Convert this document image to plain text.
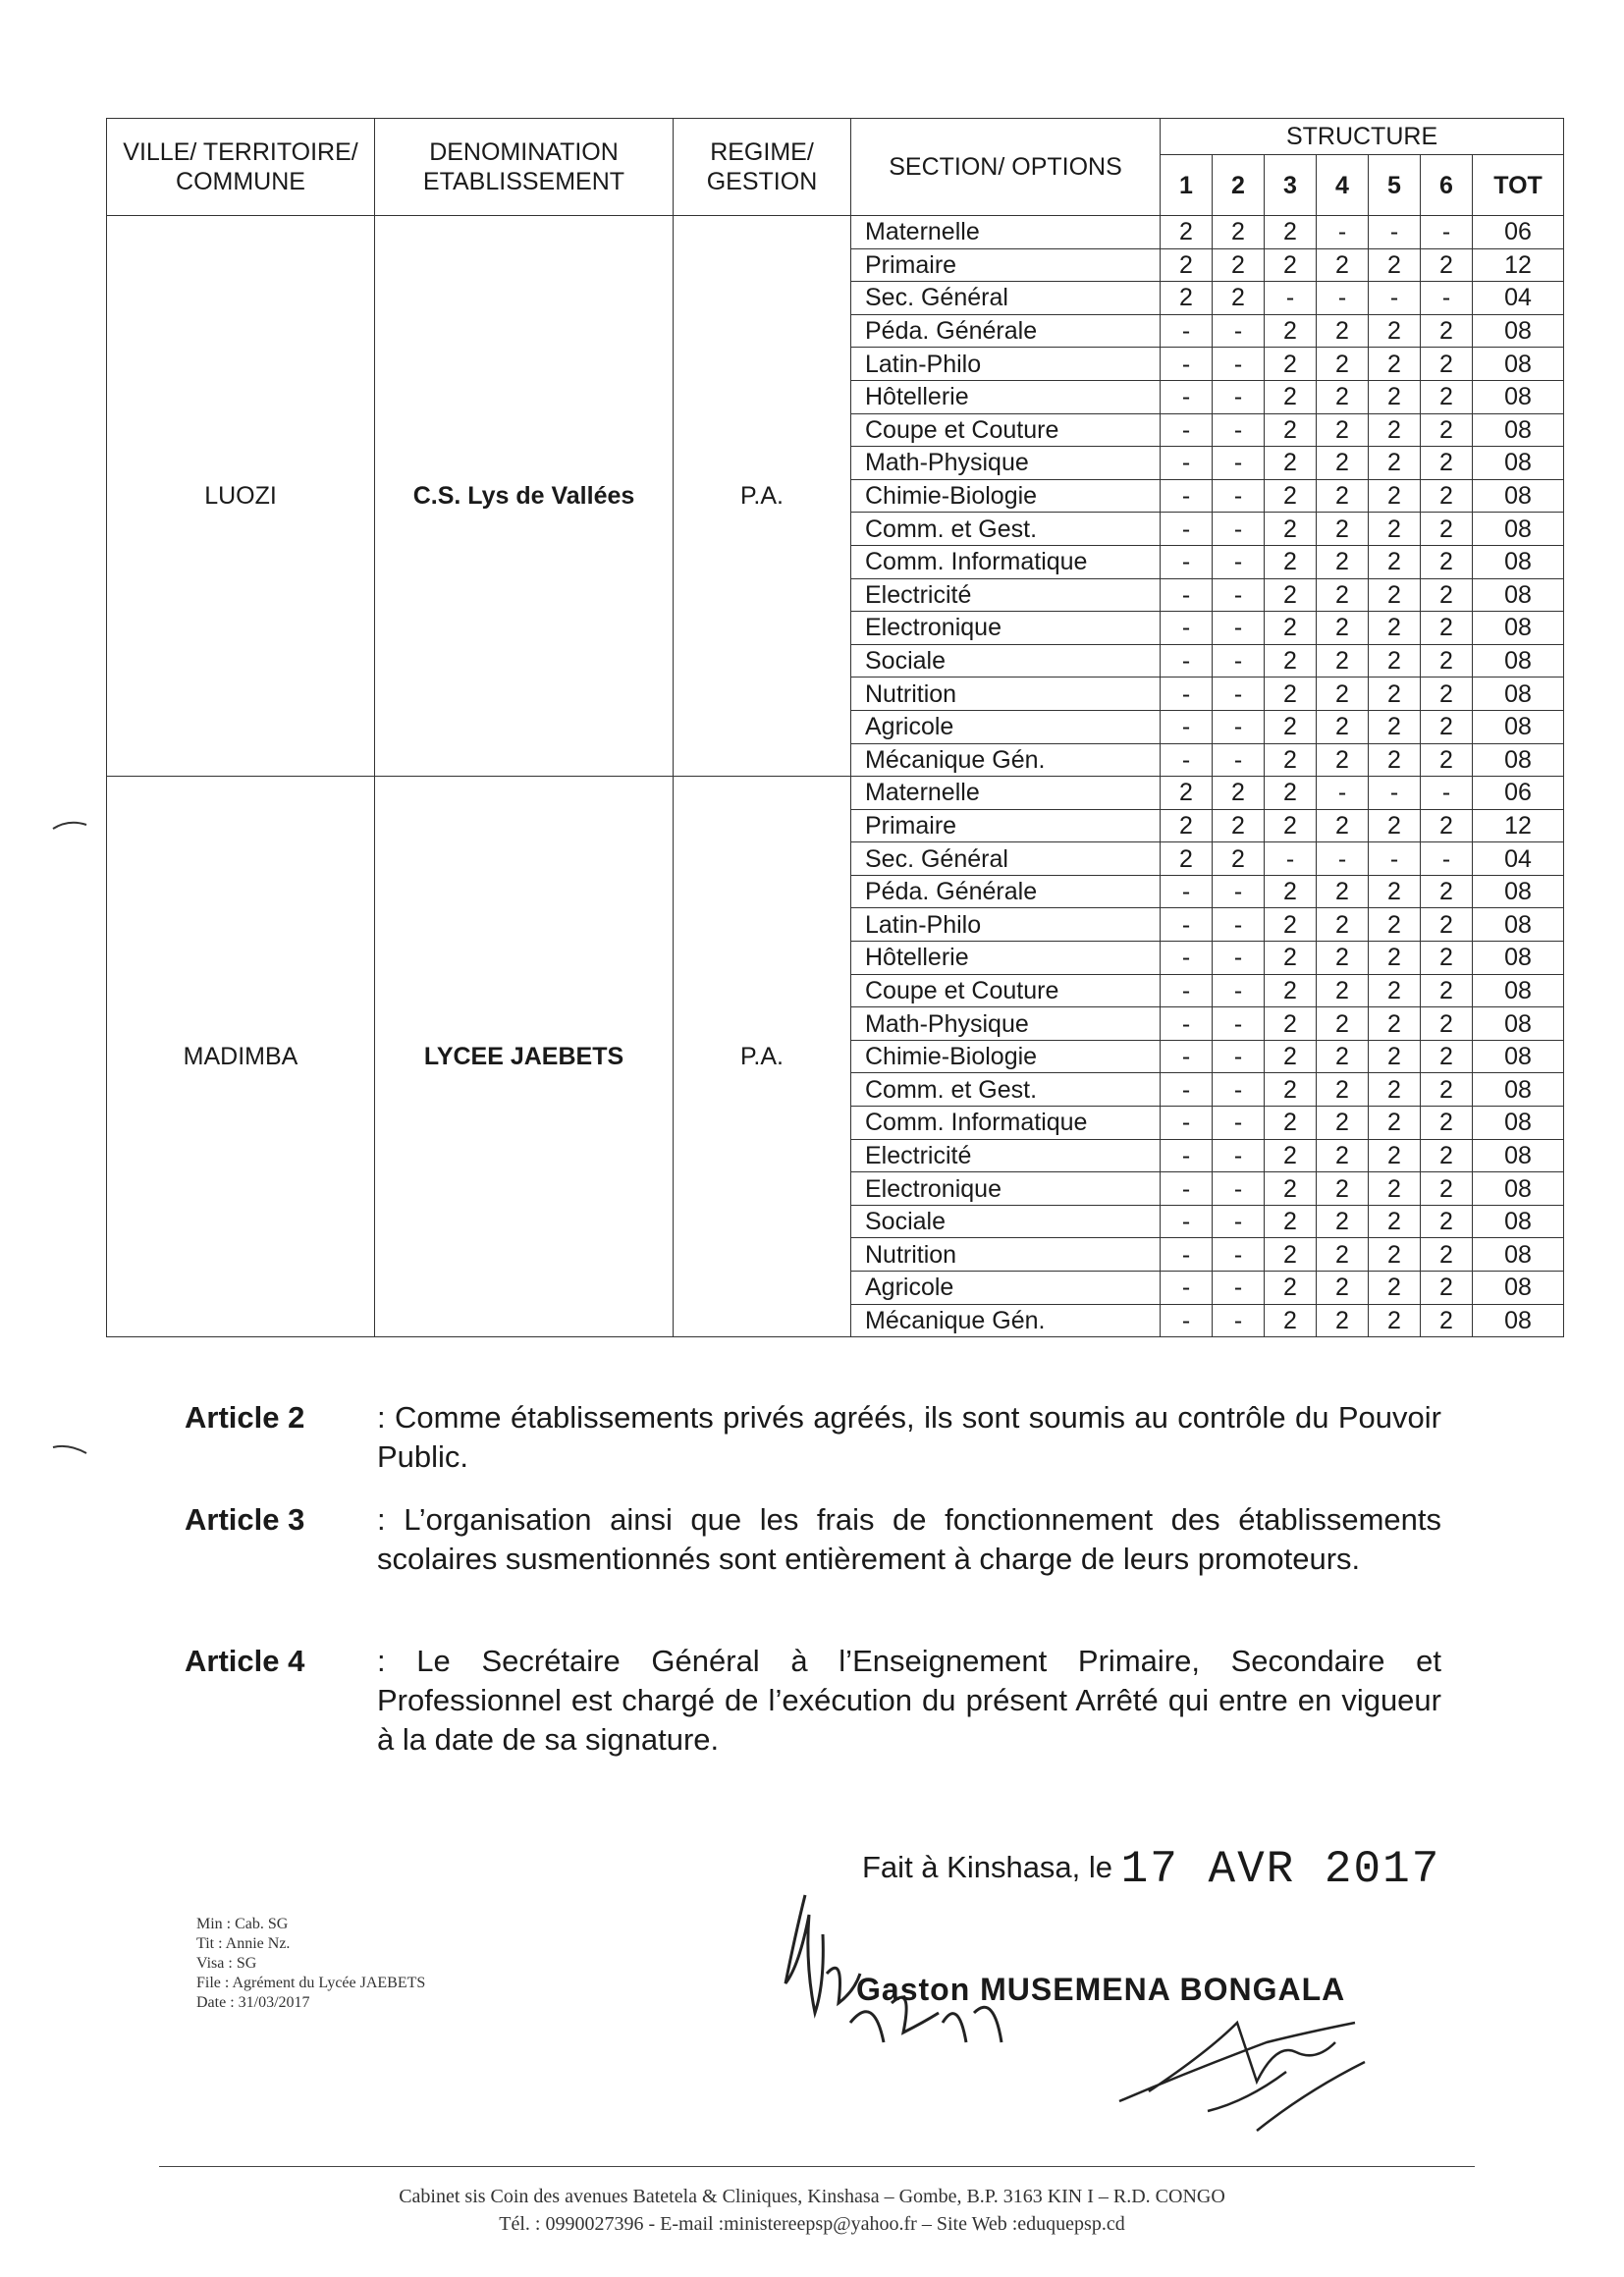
VILLE/ TERRITOIRE/ COMMUNE	DENOMINATION ETABLISSEMENT	REGIME/ GESTION	SECTION/ OPTIONS	STRUCTURE						
				1	2	3	4	5	6	TOT
LUOZI	C.S. Lys de Vallées	P.A.	Maternelle	2	2	2	-	-	-	06
			Primaire	2	2	2	2	2	2	12
			Sec. Général	2	2	-	-	-	-	04
			Péda. Générale	-	-	2	2	2	2	08
			Latin-Philo	-	-	2	2	2	2	08
			Hôtellerie	-	-	2	2	2	2	08
			Coupe et Couture	-	-	2	2	2	2	08
			Math-Physique	-	-	2	2	2	2	08
			Chimie-Biologie	-	-	2	2	2	2	08
			Comm. et Gest.	-	-	2	2	2	2	08
			Comm. Informatique	-	-	2	2	2	2	08
			Electricité	-	-	2	2	2	2	08
			Electronique	-	-	2	2	2	2	08
			Sociale	-	-	2	2	2	2	08
			Nutrition	-	-	2	2	2	2	08
			Agricole	-	-	2	2	2	2	08
			Mécanique Gén.	-	-	2	2	2	2	08
MADIMBA	LYCEE JAEBETS	P.A.	Maternelle	2	2	2	-	-	-	06
			Primaire	2	2	2	2	2	2	12
			Sec. Général	2	2	-	-	-	-	04
			Péda. Générale	-	-	2	2	2	2	08
			Latin-Philo	-	-	2	2	2	2	08
			Hôtellerie	-	-	2	2	2	2	08
			Coupe et Couture	-	-	2	2	2	2	08
			Math-Physique	-	-	2	2	2	2	08
			Chimie-Biologie	-	-	2	2	2	2	08
			Comm. et Gest.	-	-	2	2	2	2	08
			Comm. Informatique	-	-	2	2	2	2	08
			Electricité	-	-	2	2	2	2	08
			Electronique	-	-	2	2	2	2	08
			Sociale	-	-	2	2	2	2	08
			Nutrition	-	-	2	2	2	2	08
			Agricole	-	-	2	2	2	2	08
			Mécanique Gén.	-	-	2	2	2	2	08
Article 2	: Comme établissements privés agréés, ils sont soumis au contrôle du Pouvoir Public.
Article 3	: L’organisation ainsi que les frais de fonctionnement des établissements scolaires susmentionnés sont entièrement à charge de leurs promoteurs.
Article 4	: Le Secrétaire Général à l’Enseignement Primaire, Secondaire et Professionnel est chargé de l’exécution du présent Arrêté qui entre en vigueur à la date de sa signature.
Fait à Kinshasa, le 17 AVR 2017
Min : Cab. SG
Tit : Annie Nz.
Visa : SG
File : Agrément du Lycée JAEBETS
Date : 31/03/2017	Gaston MUSEMENA BONGALA
Cabinet sis Coin des avenues Batetela & Cliniques, Kinshasa – Gombe, B.P. 3163 KIN I – R.D. CONGO
Tél. : 0990027396 - E-mail :ministereepsp@yahoo.fr – Site Web :eduquepsp.cd
